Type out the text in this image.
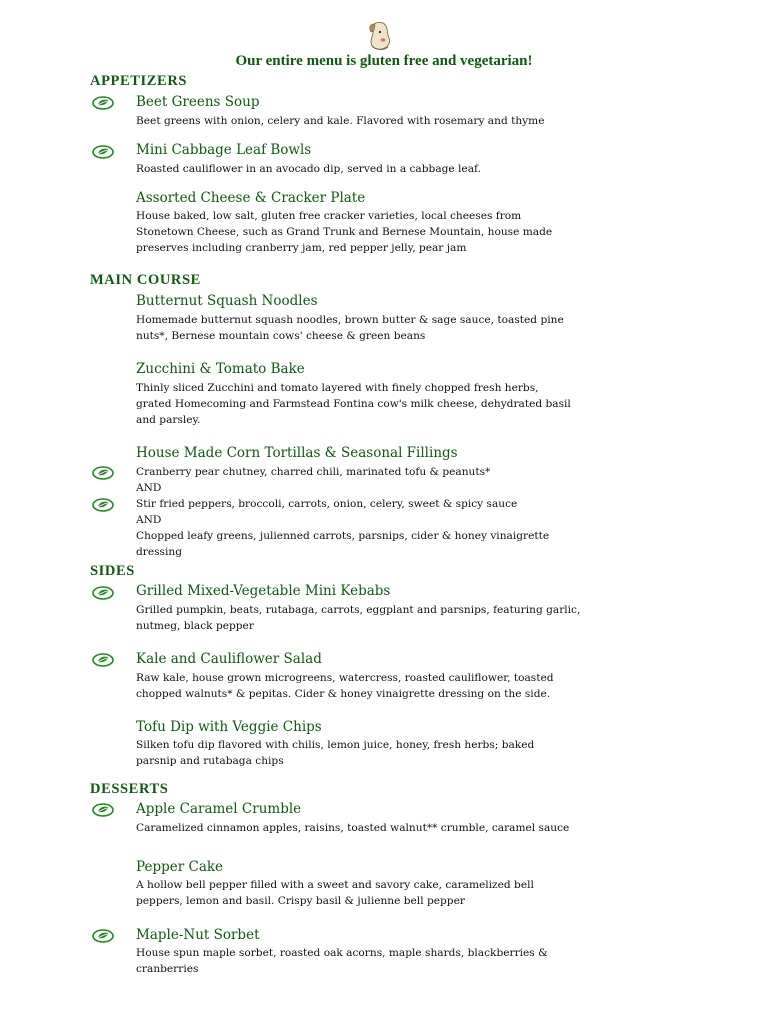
Our entire menu is gluten free and vegetarian!
APPETIZERS
Beet Greens Soup
Beet greens with onion, celery and kale. Flavored with rosemary and thyme
Mini Cabbage Leaf Bowls
Roasted cauliflower in an avocado dip, served in a cabbage leaf.
Assorted Cheese & Cracker Plate
House baked, low salt, gluten free cracker varieties, local cheeses from
Stonetown Cheese, such as Grand Trunk and Bernese Mountain, house made
preserves including cranberry jam, red pepper jelly, pear jam
MAIN COURSE
Butternut Squash Noodles
Homemade butternut squash noodles, brown butter & sage sauce, toasted pine
nuts*, Bernese mountain cows' cheese & green beans
Zucchini & Tomato Bake
Thinly sliced Zucchini and tomato layered with finely chopped fresh herbs,
grated Homecoming and Farmstead Fontina cow's milk cheese, dehydrated basil
and parsley.
House Made Corn Tortillas & Seasonal Fillings
Cranberry pear chutney, charred chili, marinated tofu & peanuts*
AND
Stir fried peppers, broccoli, carrots, onion, celery, sweet & spicy sauce
AND
Chopped leafy greens, julienned carrots, parsnips, cider & honey vinaigrette
dressing
SIDES
Grilled Mixed-Vegetable Mini Kebabs
Grilled pumpkin, beats, rutabaga, carrots, eggplant and parsnips, featuring garlic,
nutmeg, black pepper
Kale and Cauliflower Salad
Raw kale, house grown microgreens, watercress, roasted cauliflower, toasted
chopped walnuts* & pepitas. Cider & honey vinaigrette dressing on the side.
Tofu Dip with Veggie Chips
Silken tofu dip flavored with chilis, lemon juice, honey, fresh herbs; baked
parsnip and rutabaga chips
DESSERTS
Apple Caramel Crumble
Caramelized cinnamon apples, raisins, toasted walnut** crumble, caramel sauce
Pepper Cake
A hollow bell pepper filled with a sweet and savory cake, caramelized bell
peppers, lemon and basil. Crispy basil & julienne bell pepper
Maple-Nut Sorbet
House spun maple sorbet, roasted oak acorns, maple shards, blackberries &
cranberries
